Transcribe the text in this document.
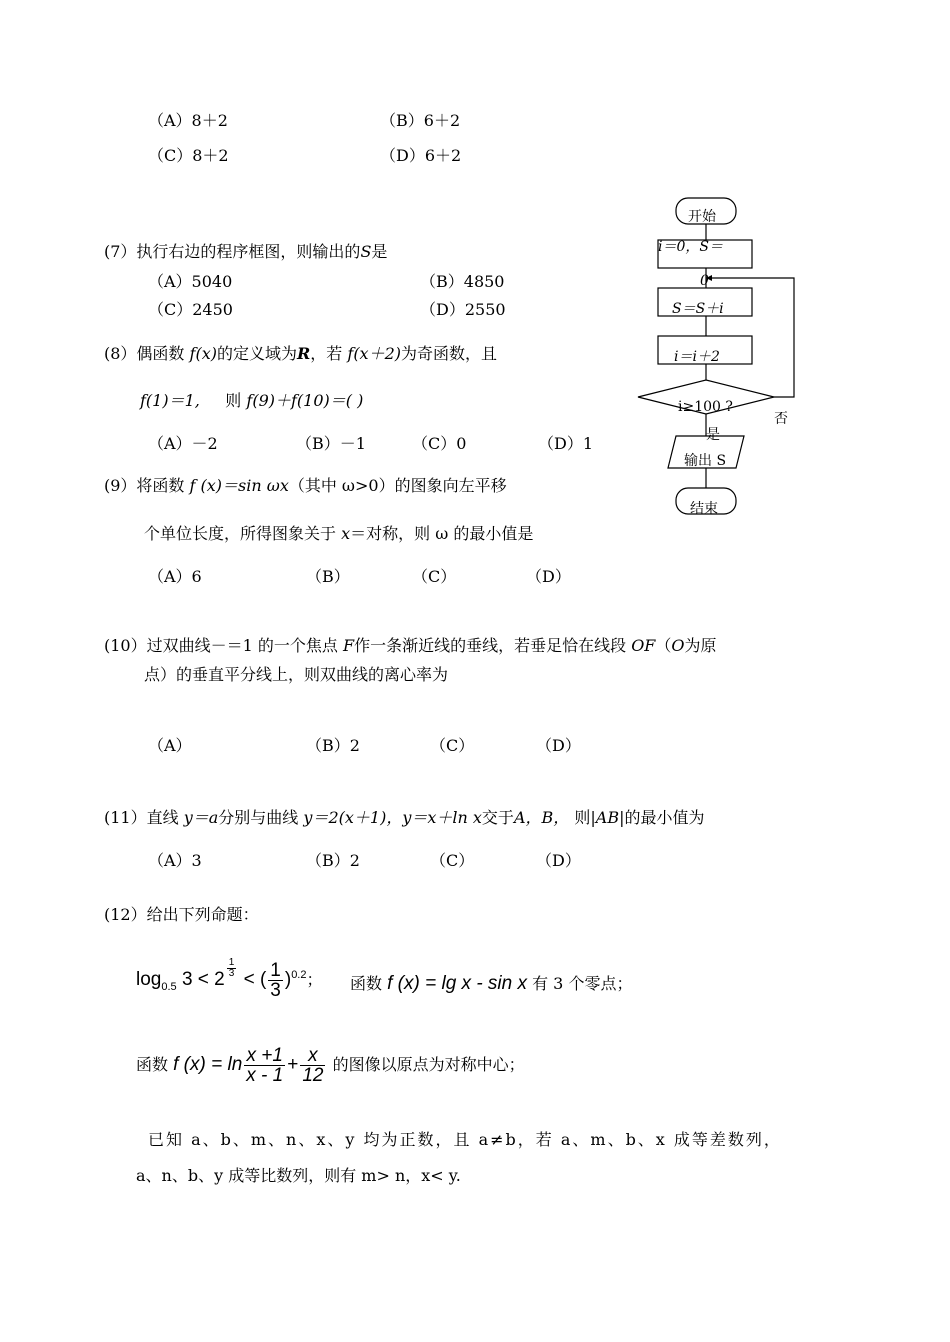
（A）8＋2	（B）6＋2
（C）8＋2	（D）6＋2
(7）执行右边的程序框图，则输出的S是
（A）5040	（B）4850
（C）2450	（D）2550
开始
i＝0，S＝
0
S＝S＋i
i＝i＋2
i≥100 ?
否
是
输出 S
结束
(8）偶函数 f(x)的定义域为R，若 f(x＋2)为奇函数，且
f(1)＝1, 则 f(9)＋f(10)＝( )
（A）－2	（B）－1	（C）0	（D）1
(9）将函数 f (x)＝sin ωx（其中 ω>0）的图象向左平移
个单位长度，所得图象关于 x＝对称，则 ω 的最小值是
（A）6	（B）	（C）	（D）
(10）过双曲线－＝1 的一个焦点 F作一条渐近线的垂线，若垂足恰在线段 OF（O为原
点）的垂直平分线上，则双曲线的离心率为
（A）	（B）2	（C）	（D）
(11）直线 y＝a分别与曲线 y＝2(x＋1)，y＝x＋ln x交于A，B， 则|AB|的最小值为
（A）3	（B）2	（C）	（D）
(12）给出下列命题：
$\log_{0.5} 3 < 2$
$^{\frac{1}{3}}$
< ( $\frac{1}{3} )^{0.2}$； 函数 f (x) = lg x - sin x 有 3 个零点；
函数 f $(x) = \ln \frac{x +1}{x - 1} + \frac{x}{12}$ 的图像以原点为对称中心；
已知 a、b、m、n、x、y 均为正数，且 a≠b，若 a、m、b、x 成等差数列，
a、n、b、y 成等比数列，则有 m> n，x< y.
